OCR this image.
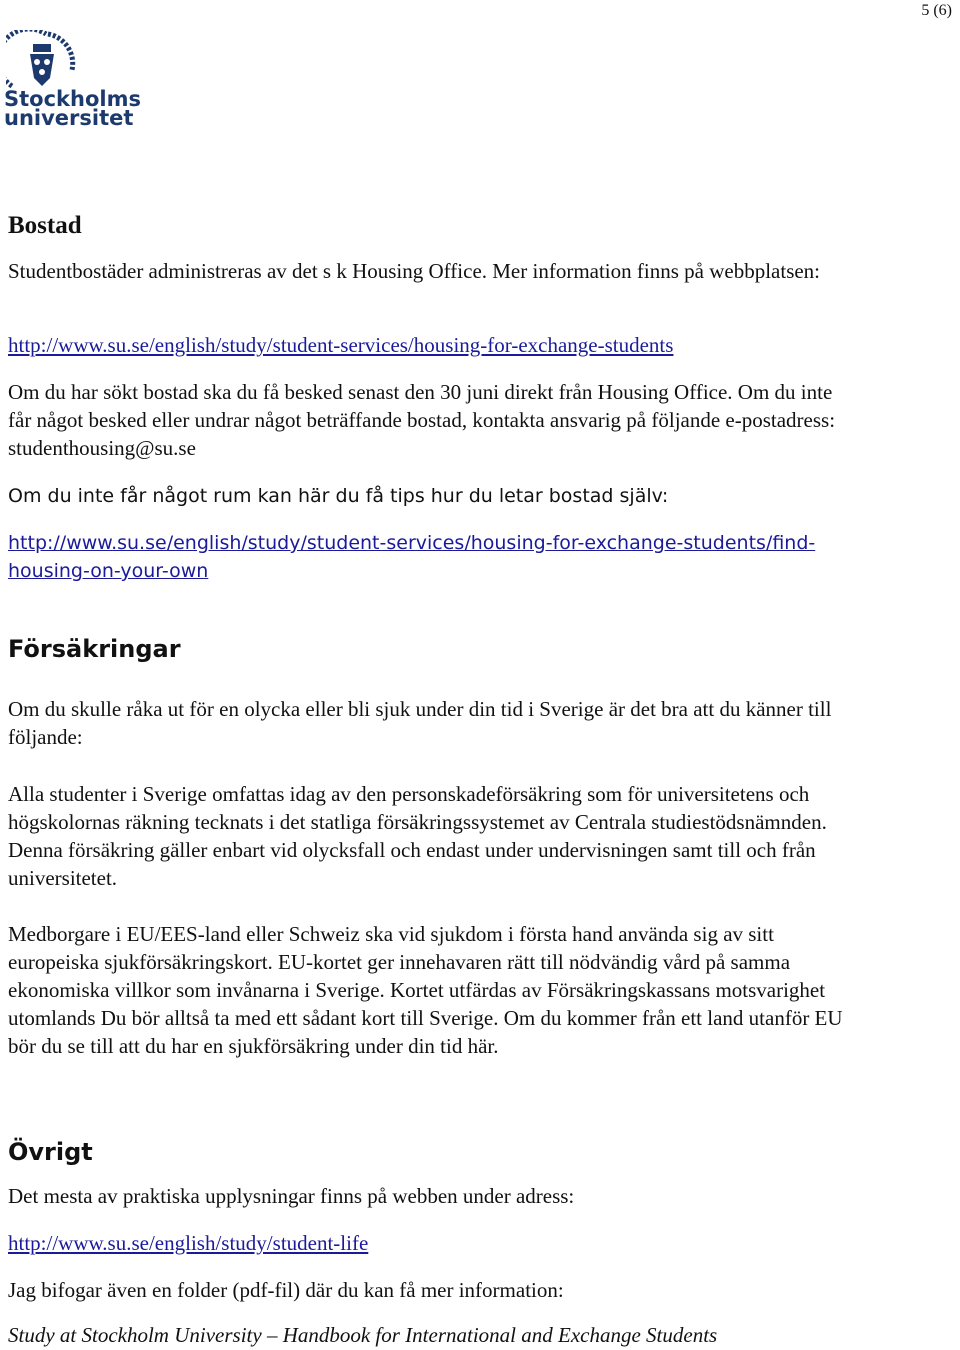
5 (6)
Stockholms
universitet
Bostad

Studentbostäder administreras av det s k Housing Office. Mer information finns på webbplatsen:

http://www.su.se/english/study/student-services/housing-for-exchange-students

Om du har sökt bostad ska du få besked senast den 30 juni direkt från Housing Office. Om du inte får något besked eller undrar något beträffande bostad, kontakta ansvarig på följande e-postadress: studenthousing@su.se

Om du inte får något rum kan här du få tips hur du letar bostad själv:

http://www.su.se/english/study/student-services/housing-for-exchange-students/find-
housing-on-your-own
Försäkringar

Om du skulle råka ut för en olycka eller bli sjuk under din tid i Sverige är det bra att du känner till följande:

Alla studenter i Sverige omfattas idag av den personskadeförsäkring som för universitetens och högskolornas räkning tecknats i det statliga försäkringssystemet av Centrala studiestödsnämnden. Denna försäkring gäller enbart vid olycksfall och endast under undervisningen samt till och från universitetet.

Medborgare i EU/EES-land eller Schweiz ska vid sjukdom i första hand använda sig av sitt europeiska sjukförsäkringskort. EU-kortet ger innehavaren rätt till nödvändig vård på samma ekonomiska villkor som invånarna i Sverige. Kortet utfärdas av Försäkringskassans motsvarighet utomlands Du bör alltså ta med ett sådant kort till Sverige. Om du kommer från ett land utanför EU bör du se till att du har en sjukförsäkring under din tid här.

Övrigt

Det mesta av praktiska upplysningar finns på webben under adress:

http://www.su.se/english/study/student-life

Jag bifogar även en folder (pdf-fil) där du kan få mer information:

Study at Stockholm University – Handbook for International and Exchange Students
